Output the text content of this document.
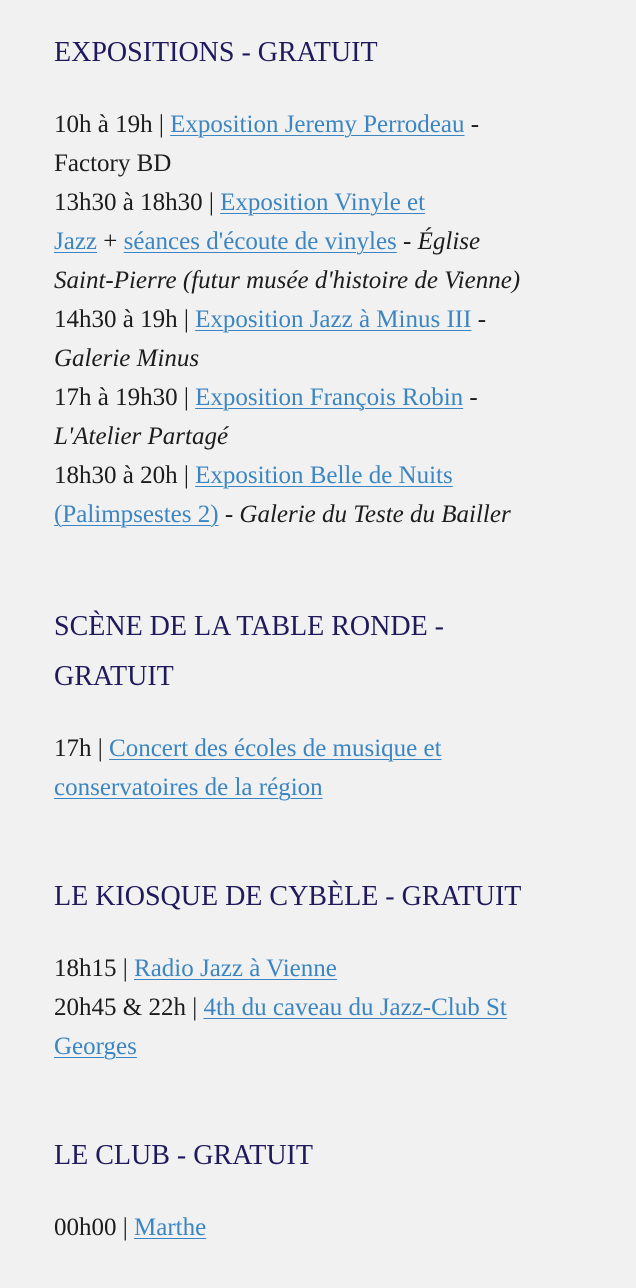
EXPOSITIONS - GRATUIT
10h à 19h | Exposition Jeremy Perrodeau -
Factory BD
13h30 à 18h30 | Exposition Vinyle et
Jazz + séances d'écoute de vinyles - Église
Saint-Pierre (futur musée d'histoire de Vienne)
14h30 à 19h | Exposition Jazz à Minus III -
Galerie Minus
17h à 19h30 | Exposition François Robin -
L'Atelier Partagé
18h30 à 20h | Exposition Belle de Nuits
(Palimpsestes 2) - Galerie du Teste du Bailler
SCÈNE DE LA TABLE RONDE -
GRATUIT
17h | Concert des écoles de musique et
conservatoires de la région
LE KIOSQUE DE CYBÈLE - GRATUIT
18h15 | Radio Jazz à Vienne
20h45 & 22h | 4th du caveau du Jazz-Club St
Georges
LE CLUB - GRATUIT
00h00 | Marthe
